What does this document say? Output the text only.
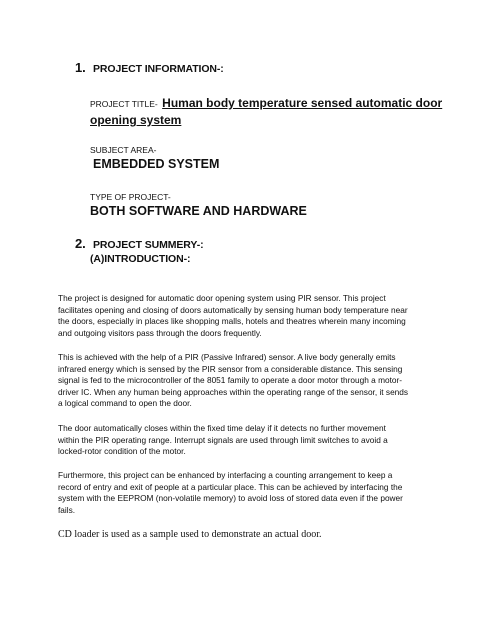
1. PROJECT INFORMATION-:
PROJECT TITLE- Human body temperature sensed automatic door
opening system
SUBJECT AREA-
EMBEDDED SYSTEM
TYPE OF PROJECT-
BOTH SOFTWARE AND HARDWARE
2. PROJECT SUMMERY-:
(A)INTRODUCTION-:
The project is designed for automatic door opening system using PIR sensor. This project
facilitates opening and closing of doors automatically by sensing human body temperature near
the doors, especially in places like shopping malls, hotels and theatres wherein many incoming
and outgoing visitors pass through the doors frequently.
This is achieved with the help of a PIR (Passive Infrared) sensor. A live body generally emits
infrared energy which is sensed by the PIR sensor from a considerable distance. This sensing
signal is fed to the microcontroller of the 8051 family to operate a door motor through a motor-
driver IC. When any human being approaches within the operating range of the sensor, it sends
a logical command to open the door.
The door automatically closes within the fixed time delay if it detects no further movement
within the PIR operating range. Interrupt signals are used through limit switches to avoid a
locked-rotor condition of the motor.
Furthermore, this project can be enhanced by interfacing a counting arrangement to keep a
record of entry and exit of people at a particular place. This can be achieved by interfacing the
system with the EEPROM (non-volatile memory) to avoid loss of stored data even if the power
fails.
CD loader is used as a sample used to demonstrate an actual door.
